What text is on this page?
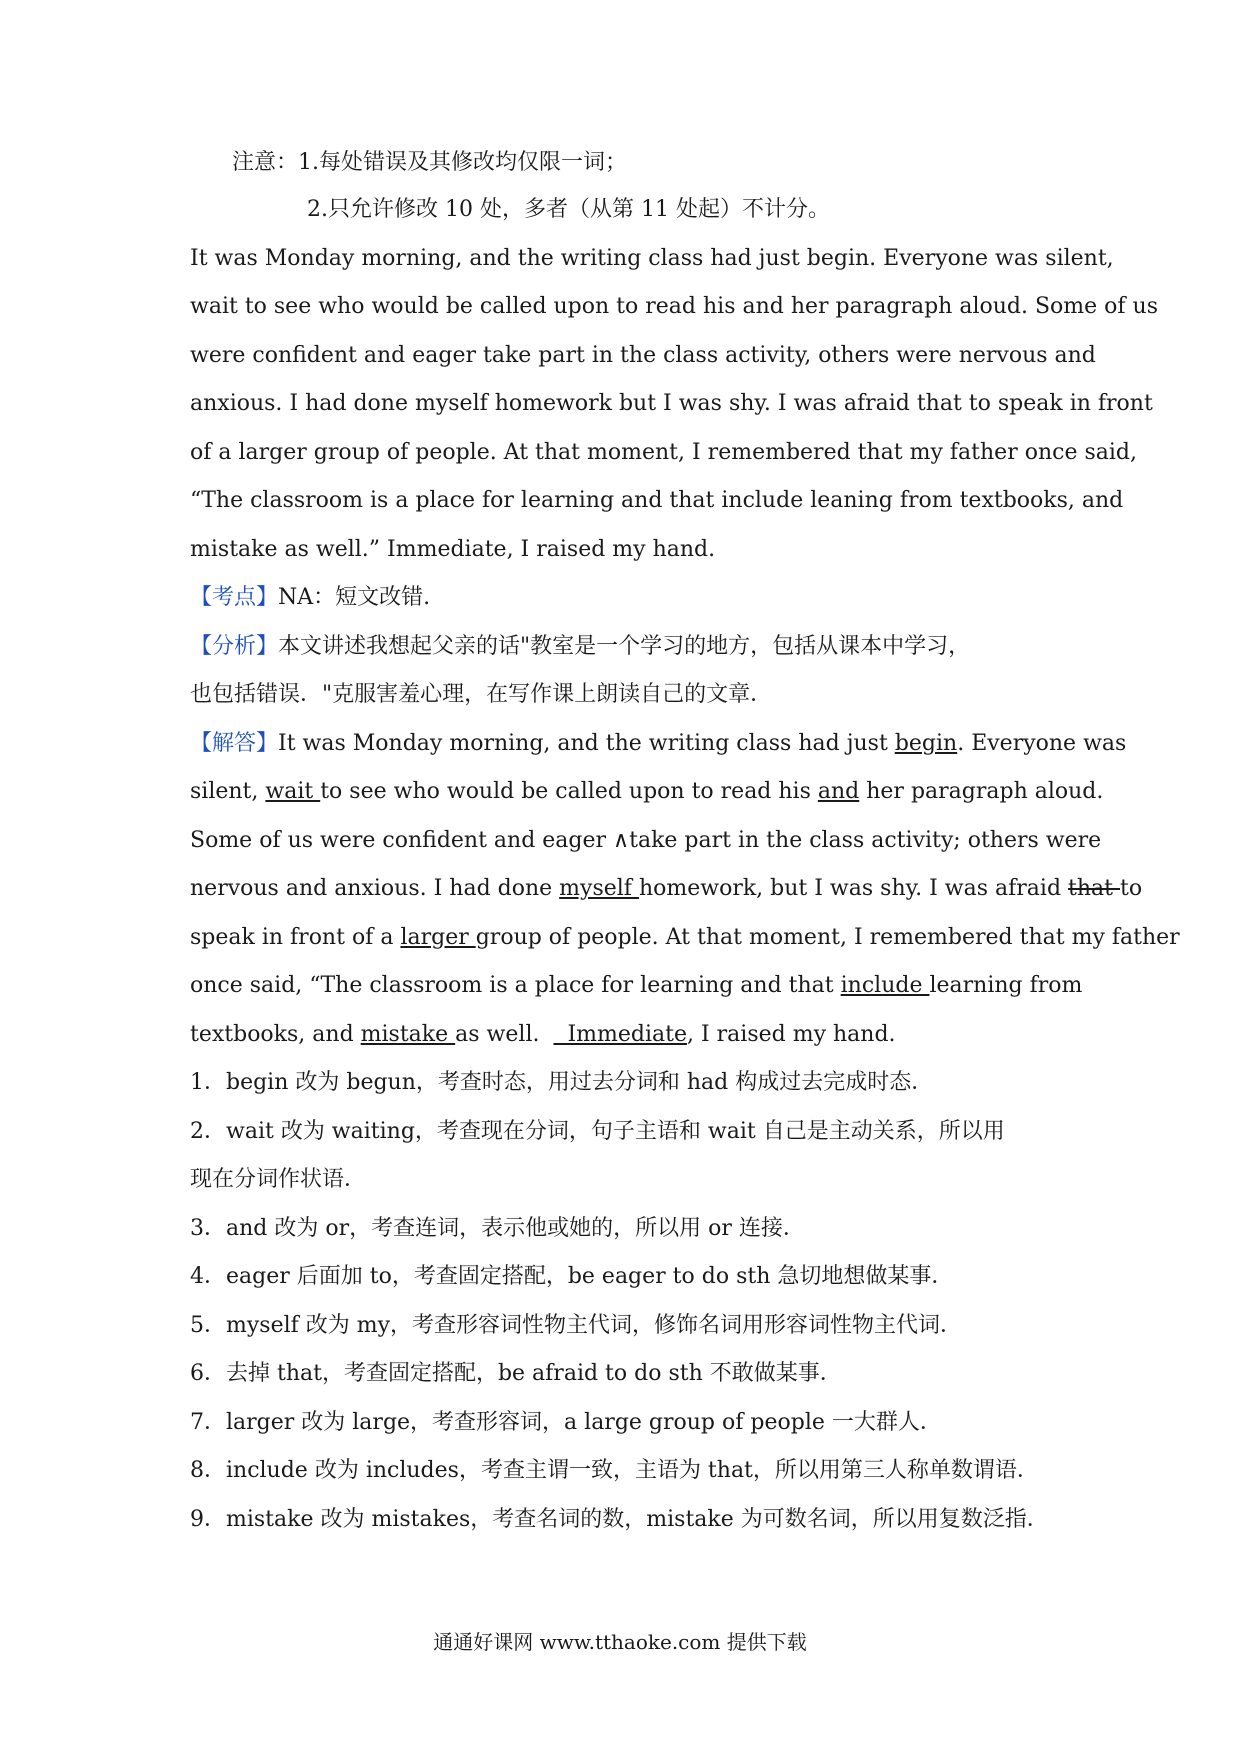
注意：1.每处错误及其修改均仅限一词；
2.只允许修改 10 处，多者（从第 11 处起）不计分。
It was Monday morning, and the writing class had just begin. Everyone was silent,
wait to see who would be called upon to read his and her paragraph aloud. Some of us
were confident and eager take part in the class activity, others were nervous and
anxious. I had done myself homework but I was shy. I was afraid that to speak in front
of a larger group of people. At that moment, I remembered that my father once said,
“The classroom is a place for learning and that include leaning from textbooks, and
mistake as well.” Immediate, I raised my hand.
【考点】NA：短文改错.
【分析】本文讲述我想起父亲的话"教室是一个学习的地方，包括从课本中学习，
也包括错误．"克服害羞心理，在写作课上朗读自己的文章．
【解答】It was Monday morning, and the writing class had just begin. Everyone was
silent, wait to see who would be called upon to read his and her paragraph aloud.
Some of us were confident and eager ∧take part in the class activity; others were
nervous and anxious. I had done myself homework, but I was shy. I was afraid that to
speak in front of a larger group of people. At that moment, I remembered that my father
once said, “The classroom is a place for learning and that include learning from
textbooks, and mistake as well.    Immediate, I raised my hand.
1．begin 改为 begun，考查时态，用过去分词和 had 构成过去完成时态．
2．wait 改为 waiting，考查现在分词，句子主语和 wait 自己是主动关系，所以用
现在分词作状语．
3．and 改为 or，考查连词，表示他或她的，所以用 or 连接．
4．eager 后面加 to，考查固定搭配，be eager to do sth 急切地想做某事．
5．myself 改为 my，考查形容词性物主代词，修饰名词用形容词性物主代词．
6．去掉 that，考查固定搭配，be afraid to do sth 不敢做某事．
7．larger 改为 large，考查形容词，a large group of people 一大群人．
8．include 改为 includes，考查主谓一致，主语为 that，所以用第三人称单数谓语．
9．mistake 改为 mistakes，考查名词的数，mistake 为可数名词，所以用复数泛指．
通通好课网 www.tthaoke.com 提供下载
